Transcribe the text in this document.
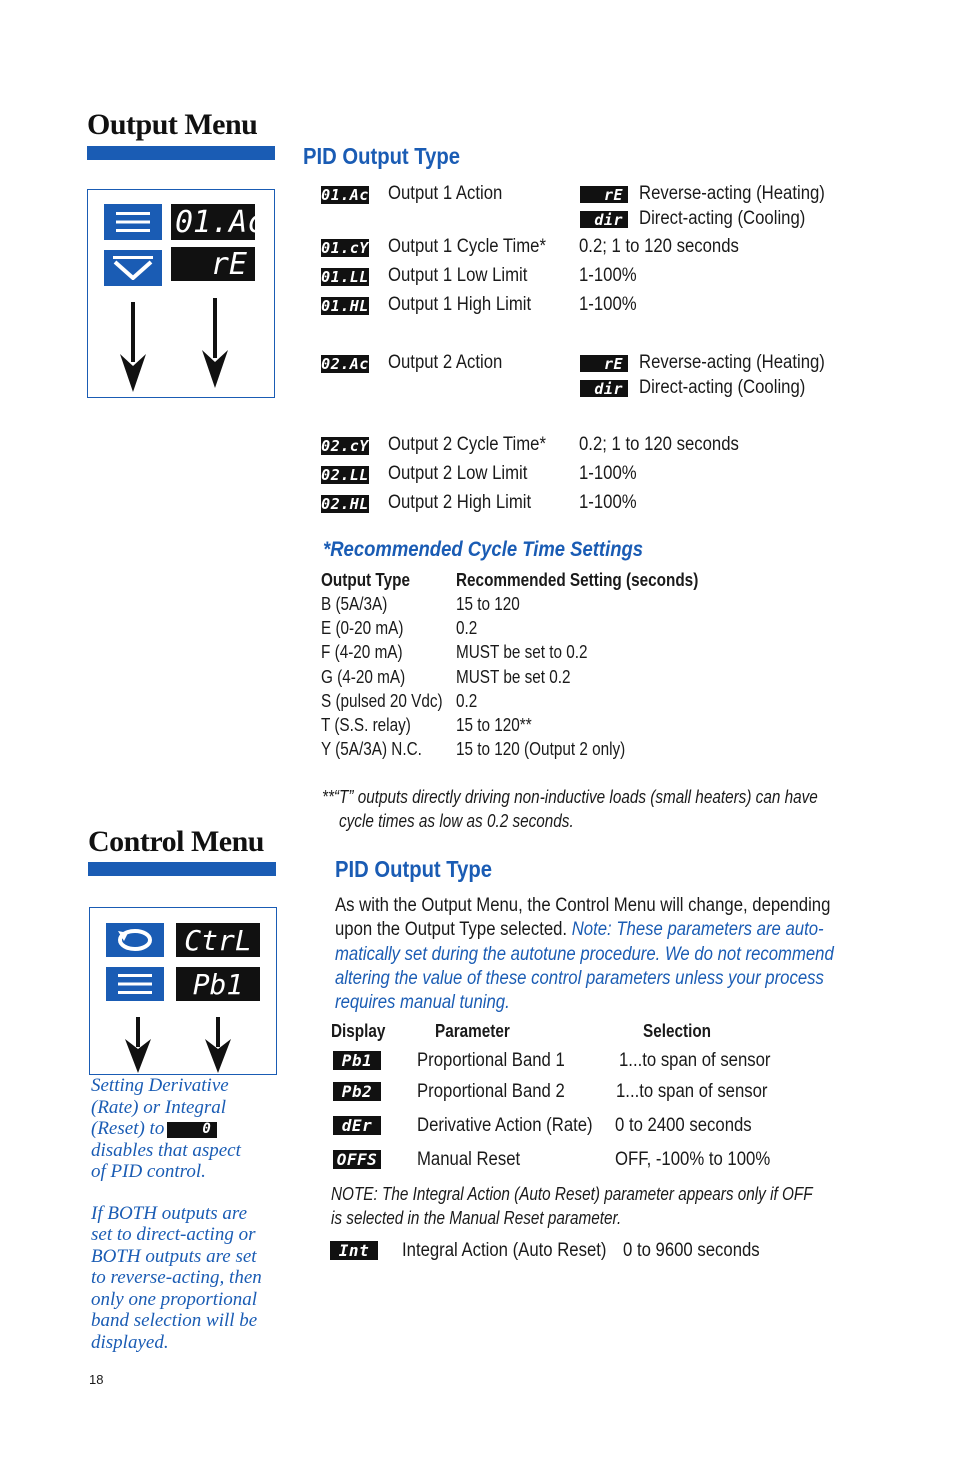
Output Menu
01.Ac
rE
PID Output Type
*Recommended Cycle Time Settings
**“T” outputs directly driving non-inductive loads (small heaters) can have
cycle times as low as 0.2 seconds.
Control Menu
CtrL
Pb1
PID Output Type
NOTE: The Integral Action (Auto Reset) parameter appears only if OFF
is selected in the Manual Reset parameter.
Int	Integral Action (Auto Reset) 0 to 9600 seconds
Setting Derivative
(Rate) or Integral
(Reset) to	0
disables that aspect
of PID control.
If BOTH outputs are
set to direct-acting or
BOTH outputs are set
to reverse-acting, then
only one proportional
band selection will be
displayed.
18
01.Ac Output 1 Action	rE Reverse-acting (Heating)
dir Direct-acting (Cooling)
01.cY Output 1 Cycle Time* 0.2; 1 to 120 seconds
01.LL Output 1 Low Limit	1-100%
01.HL Output 1 High Limit	1-100%
02.Ac Output 2 Action	rE Reverse-acting (Heating)
dir Direct-acting (Cooling)
02.cY Output 2 Cycle Time* 0.2; 1 to 120 seconds
02.LL Output 2 Low Limit	1-100%
02.HL Output 2 High Limit	1-100%
Output Type	Recommended Setting (seconds)
B (5A/3A)	15 to 120
E (0-20 mA)	0.2
F (4-20 mA)	MUST be set to 0.2
G (4-20 mA)	MUST be set 0.2
S (pulsed 20 Vdc) 0.2
T (S.S. relay)	15 to 120**
Y (5A/3A) N.C. 15 to 120 (Output 2 only)
As with the Output Menu, the Control Menu will change, depending
upon the Output Type selected. Note: These parameters are auto-
matically set during the autotune procedure. We do not recommend
altering the value of these control parameters unless your process
requires manual tuning.
Display	Parameter	Selection
Pb1	Proportional Band 1	1...to span of sensor
Pb2	Proportional Band 2	1...to span of sensor
dEr	Derivative Action (Rate) 0 to 2400 seconds
OFFS Manual Reset	OFF, -100% to 100%
